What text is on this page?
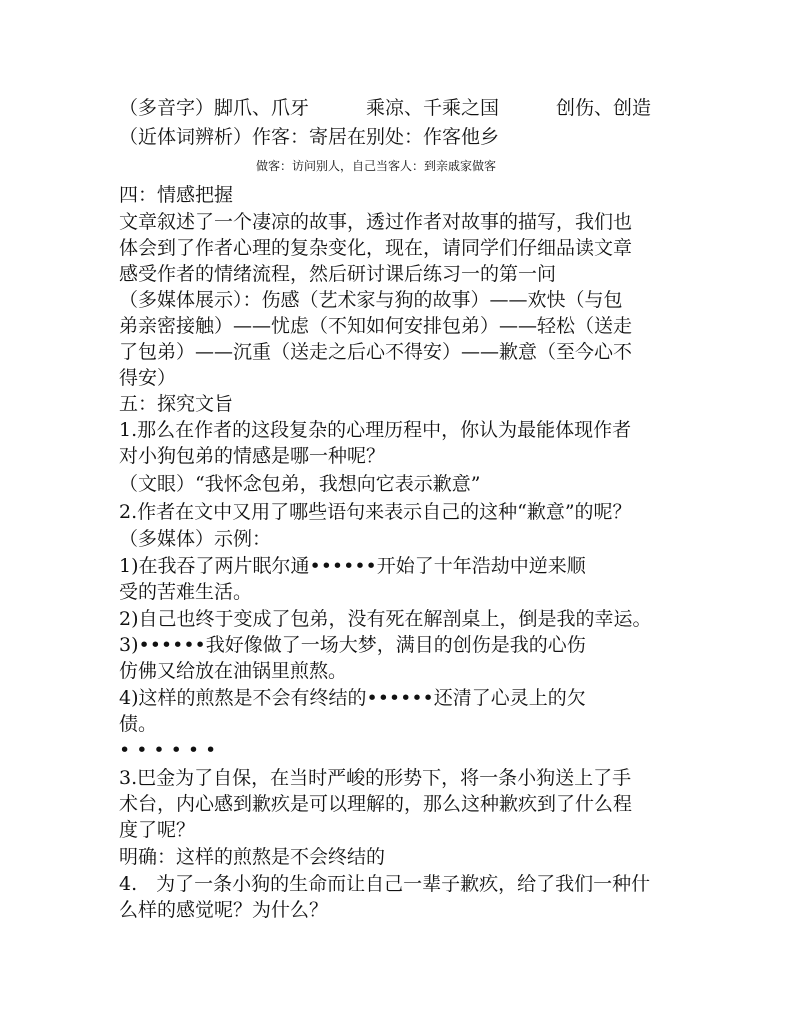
（多音字）脚爪、爪牙　　　乘凉、千乘之国　　　创伤、创造
（近体词辨析）作客：寄居在别处：作客他乡
做客：访问别人，自己当客人：到亲戚家做客
四：情感把握
文章叙述了一个凄凉的故事，透过作者对故事的描写，我们也
体会到了作者心理的复杂变化，现在，请同学们仔细品读文章
感受作者的情绪流程，然后研讨课后练习一的第一问
（多媒体展示）：伤感（艺术家与狗的故事）——欢快（与包
弟亲密接触）——忧虑（不知如何安排包弟）——轻松（送走
了包弟）——沉重（送走之后心不得安）——歉意（至今心不
得安）
五：探究文旨
1.那么在作者的这段复杂的心理历程中，你认为最能体现作者
对小狗包弟的情感是哪一种呢？
（文眼）“我怀念包弟，我想向它表示歉意”
2.作者在文中又用了哪些语句来表示自己的这种“歉意”的呢？
（多媒体）示例：
1)在我吞了两片眠尔通••••••开始了十年浩劫中逆来顺
受的苦难生活。
2)自己也终于变成了包弟，没有死在解剖桌上，倒是我的幸运。
3)••••••我好像做了一场大梦，满目的创伤是我的心伤
仿佛又给放在油锅里煎熬。
4)这样的煎熬是不会有终结的••••••还清了心灵上的欠
债。
••••••
3.巴金为了自保，在当时严峻的形势下，将一条小狗送上了手
术台，内心感到歉疚是可以理解的，那么这种歉疚到了什么程
度了呢？
明确：这样的煎熬是不会终结的
4.　为了一条小狗的生命而让自己一辈子歉疚，给了我们一种什
么样的感觉呢？为什么？
